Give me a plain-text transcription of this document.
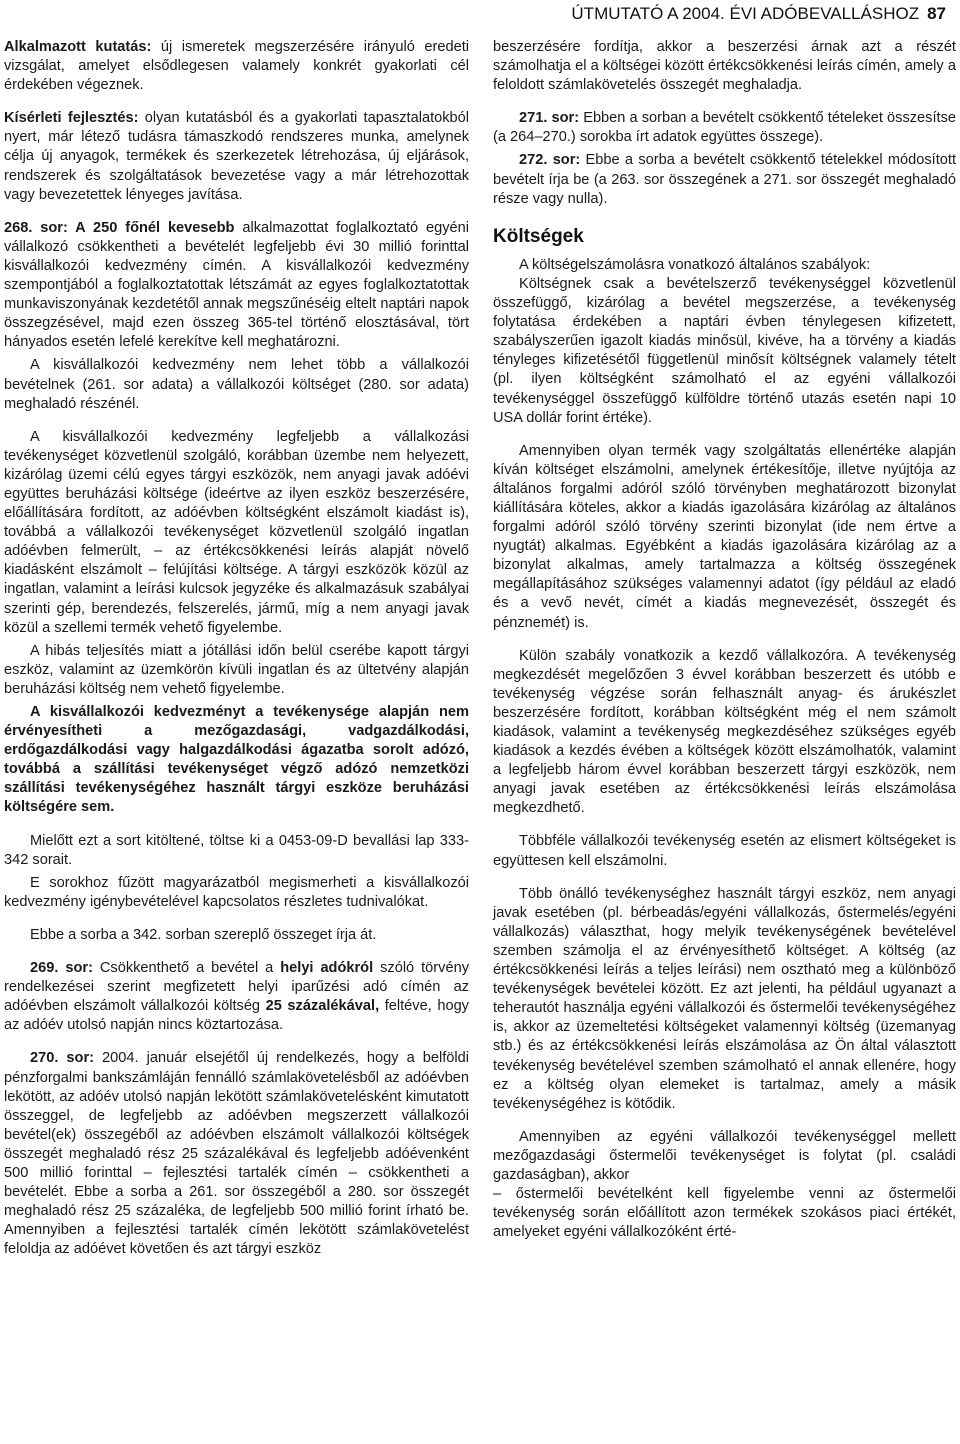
ÚTMUTATÓ A 2004. ÉVI ADÓBEVALLÁSHOZ 87

Alkalmazott kutatás: új ismeretek megszerzésére irányuló eredeti vizsgálat, amelyet elsődlegesen valamely konkrét gyakorlati cél érdekében végeznek.

Kísérleti fejlesztés: olyan kutatásból és a gyakorlati tapasztalatokból nyert, már létező tudásra támaszkodó rendszeres munka, amelynek célja új anyagok, termékek és szerkezetek létrehozása, új eljárások, rendszerek és szolgáltatások bevezetése vagy a már létrehozottak vagy bevezetettek lényeges javítása.

268. sor: A 250 főnél kevesebb alkalmazottat foglalkoztató egyéni vállalkozó csökkentheti a bevételét legfeljebb évi 30 millió forinttal kisvállalkozói kedvezmény címén. A kisvállalkozói kedvezmény szempontjából a foglalkoztatottak létszámát az egyes foglalkoztatottak munkaviszonyának kezdetétől annak megszűnéséig eltelt naptári napok összegzésével, majd ezen összeg 365-tel történő elosztásával, tört hányados esetén lefelé kerekítve kell meghatározni.

A kisvállalkozói kedvezmény nem lehet több a vállalkozói bevételnek (261. sor adata) a vállalkozói költséget (280. sor adata) meghaladó részénél.

A kisvállalkozói kedvezmény legfeljebb a vállalkozási tevékenységet közvetlenül szolgáló, korábban üzembe nem helyezett, kizárólag üzemi célú egyes tárgyi eszközök, nem anyagi javak adóévi együttes beruházási költsége (ideértve az ilyen eszköz beszerzésére, előállítására fordított, az adóévben költségként elszámolt kiadást is), továbbá a vállalkozói tevékenységet közvetlenül szolgáló ingatlan adóévben felmerült, – az értékcsökkenési leírás alapját növelő kiadásként elszámolt – felújítási költsége. A tárgyi eszközök közül az ingatlan, valamint a leírási kulcsok jegyzéke és alkalmazásuk szabályai szerinti gép, berendezés, felszerelés, jármű, míg a nem anyagi javak közül a szellemi termék vehető figyelembe.

A hibás teljesítés miatt a jótállási időn belül cserébe kapott tárgyi eszköz, valamint az üzemkörön kívüli ingatlan és az ültetvény alapján beruházási költség nem vehető figyelembe.

A kisvállalkozói kedvezményt a tevékenysége alapján nem érvényesítheti a mezőgazdasági, vadgazdálkodási, erdőgazdálkodási vagy halgazdálkodási ágazatba sorolt adózó, továbbá a szállítási tevékenységet végző adózó nemzetközi szállítási tevékenységéhez használt tárgyi eszköze beruházási költségére sem.

Mielőtt ezt a sort kitöltené, töltse ki a 0453-09-D bevallási lap 333-342 sorait.

E sorokhoz fűzött magyarázatból megismerheti a kisvállalkozói kedvezmény igénybevételével kapcsolatos részletes tudnivalókat.

Ebbe a sorba a 342. sorban szereplő összeget írja át.

269. sor: Csökkenthető a bevétel a helyi adókról szóló törvény rendelkezései szerint megfizetett helyi iparűzési adó címén az adóévben elszámolt vállalkozói költség 25 százalékával, feltéve, hogy az adóév utolsó napján nincs köztartozása.

270. sor: 2004. január elsejétől új rendelkezés, hogy a belföldi pénzforgalmi bankszámláján fennálló számlakövetelésből az adóévben lekötött, az adóév utolsó napján lekötött számlakövetelésként kimutatott összeggel, de legfeljebb az adóévben megszerzett vállalkozói bevétel(ek) összegéből az adóévben elszámolt vállalkozói költségek összegét meghaladó rész 25 százalékával és legfeljebb adóévenként 500 millió forinttal – fejlesztési tartalék címén – csökkentheti a bevételét. Ebbe a sorba a 261. sor összegéből a 280. sor összegét meghaladó rész 25 százaléka, de legfeljebb 500 millió forint írható be. Amennyiben a fejlesztési tartalék címén lekötött számlakövetelést feloldja az adóévet követően és azt tárgyi eszköz

beszerzésére fordítja, akkor a beszerzési árnak azt a részét számolhatja el a költségei között értékcsökkenési leírás címén, amely a feloldott számlakövetelés összegét meghaladja.

271. sor: Ebben a sorban a bevételt csökkentő tételeket összesítse (a 264–270.) sorokba írt adatok együttes összege).

272. sor: Ebbe a sorba a bevételt csökkentő tételekkel módosított bevételt írja be (a 263. sor összegének a 271. sor összegét meghaladó része vagy nulla).

Költségek

A költségelszámolásra vonatkozó általános szabályok:

Költségnek csak a bevételszerző tevékenységgel közvetlenül összefüggő, kizárólag a bevétel megszerzése, a tevékenység folytatása érdekében a naptári évben ténylegesen kifizetett, szabályszerűen igazolt kiadás minősül, kivéve, ha a törvény a kiadás tényleges kifizetésétől függetlenül minősít költségnek valamely tételt (pl. ilyen költségként számolható el az egyéni vállalkozói tevékenységgel összefüggő külföldre történő utazás esetén napi 10 USA dollár forint értéke).

Amennyiben olyan termék vagy szolgáltatás ellenértéke alapján kíván költséget elszámolni, amelynek értékesítője, illetve nyújtója az általános forgalmi adóról szóló törvényben meghatározott bizonylat kiállítására köteles, akkor a kiadás igazolására kizárólag az általános forgalmi adóról szóló törvény szerinti bizonylat (ide nem értve a nyugtát) alkalmas. Egyébként a kiadás igazolására kizárólag az a bizonylat alkalmas, amely tartalmazza a költség összegének megállapításához szükséges valamennyi adatot (így például az eladó és a vevő nevét, címét a kiadás megnevezését, összegét és pénznemét) is.

Külön szabály vonatkozik a kezdő vállalkozóra. A tevékenység megkezdését megelőzően 3 évvel korábban beszerzett és utóbb e tevékenység végzése során felhasznált anyag- és árukészlet beszerzésére fordított, korábban költségként még el nem számolt kiadások, valamint a tevékenység megkezdéséhez szükséges egyéb kiadások a kezdés évében a költségek között elszámolhatók, valamint a legfeljebb három évvel korábban beszerzett tárgyi eszközök, nem anyagi javak esetében az értékcsökkenési leírás elszámolása megkezdhető.

Többféle vállalkozói tevékenység esetén az elismert költségeket is együttesen kell elszámolni.

Több önálló tevékenységhez használt tárgyi eszköz, nem anyagi javak esetében (pl. bérbeadás/egyéni vállalkozás, őstermelés/egyéni vállalkozás) választhat, hogy melyik tevékenységének bevételével szemben számolja el az érvényesíthető költséget. A költség (az értékcsökkenési leírás a teljes leírási) nem osztható meg a különböző tevékenységek bevételei között. Ez azt jelenti, ha például ugyanazt a teherautót használja egyéni vállalkozói és őstermelői tevékenységéhez is, akkor az üzemeltetési költségeket valamennyi költség (üzemanyag stb.) és az értékcsökkenési leírás elszámolása az Ön által választott tevékenység bevételével szemben számolható el annak ellenére, hogy ez a költség olyan elemeket is tartalmaz, amely a másik tevékenységéhez is kötődik.

Amennyiben az egyéni vállalkozói tevékenységgel mellett mezőgazdasági őstermelői tevékenységet is folytat (pl. családi gazdaságban), akkor

– őstermelői bevételként kell figyelembe venni az őstermelői tevékenység során előállított azon termékek szokásos piaci értékét, amelyeket egyéni vállalkozóként érté-
